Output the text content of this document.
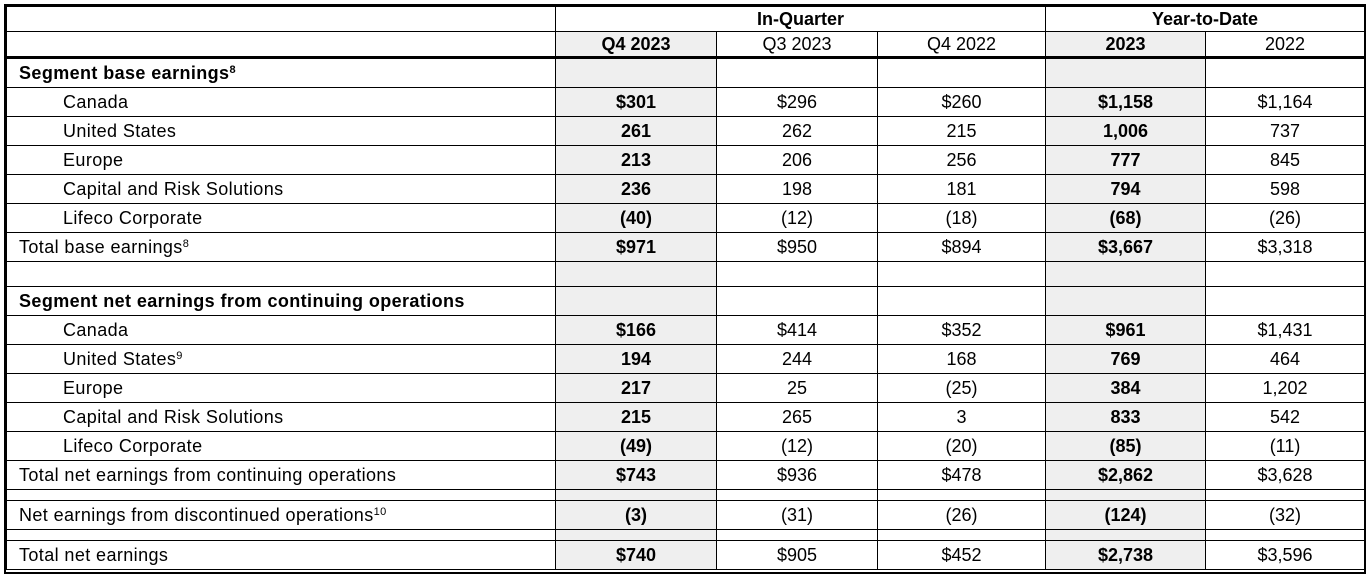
	In-Quarter			Year-to-Date	
	Q4 2023	Q3 2023	Q4 2022	2023	2022
Segment base earnings$^8$					
Canada	$301	$296	$260	$1,158	$1,164
United States	261	262	215	1,006	737
Europe	213	206	256	777	845
Capital and Risk Solutions	236	198	181	794	598
Lifeco Corporate	(40)	(12)	(18)	(68)	(26)
Total base earnings$^8$	$971	$950	$894	$3,667	$3,318

Segment net earnings from continuing operations					
Canada	$166	$414	$352	$961	$1,431
United States$^9$	194	244	168	769	464
Europe	217	25	(25)	384	1,202
Capital and Risk Solutions	215	265	3	833	542
Lifeco Corporate	(49)	(12)	(20)	(85)	(11)
Total net earnings from continuing operations	$743	$936	$478	$2,862	$3,628

Net earnings from discontinued operations$^{10}$	(3)	(31)	(26)	(124)	(32)

Total net earnings	$740	$905	$452	$2,738	$3,596
